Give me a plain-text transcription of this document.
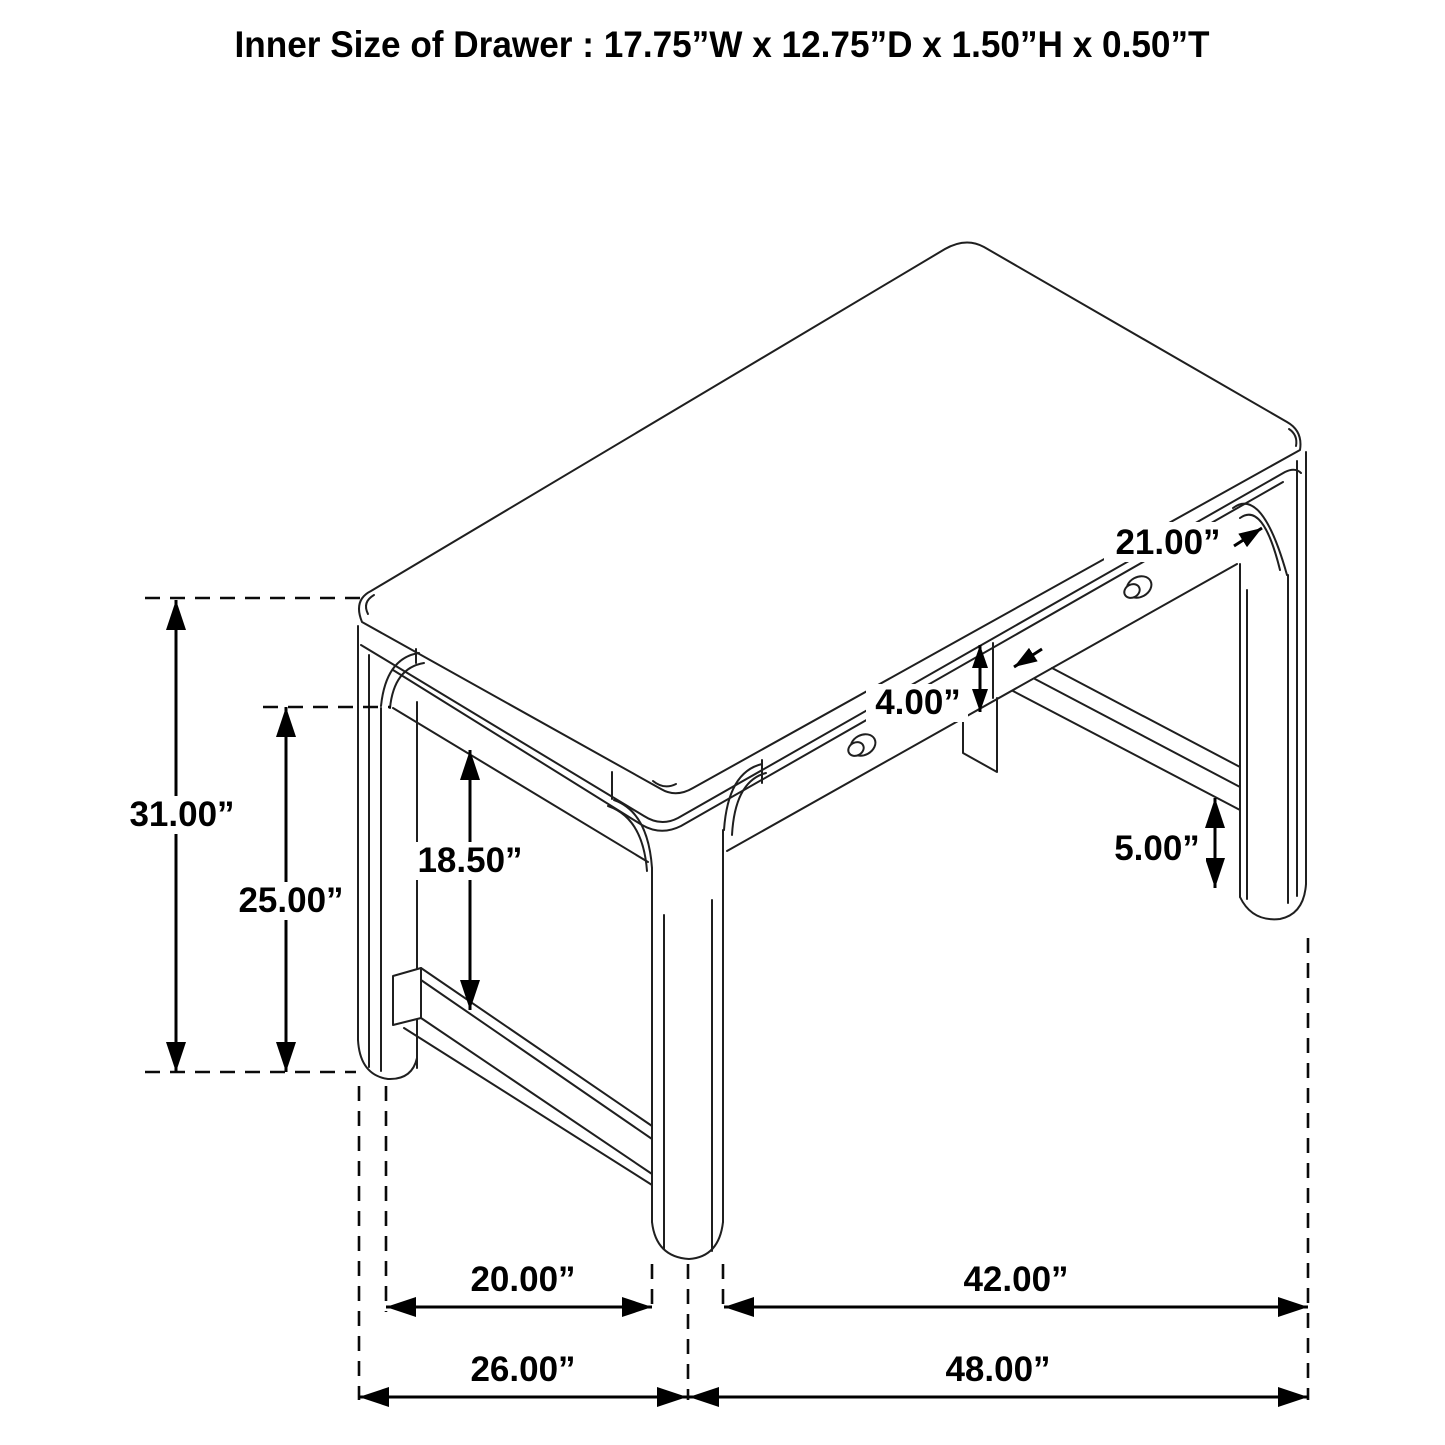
Inner Size of Drawer : 17.75”W x 12.75”D x 1.50”H x 0.50”T
31.00”
25.00”
18.50”	5.00”
4.00”
21.00”
20.00”	42.00”
26.00”	48.00”
